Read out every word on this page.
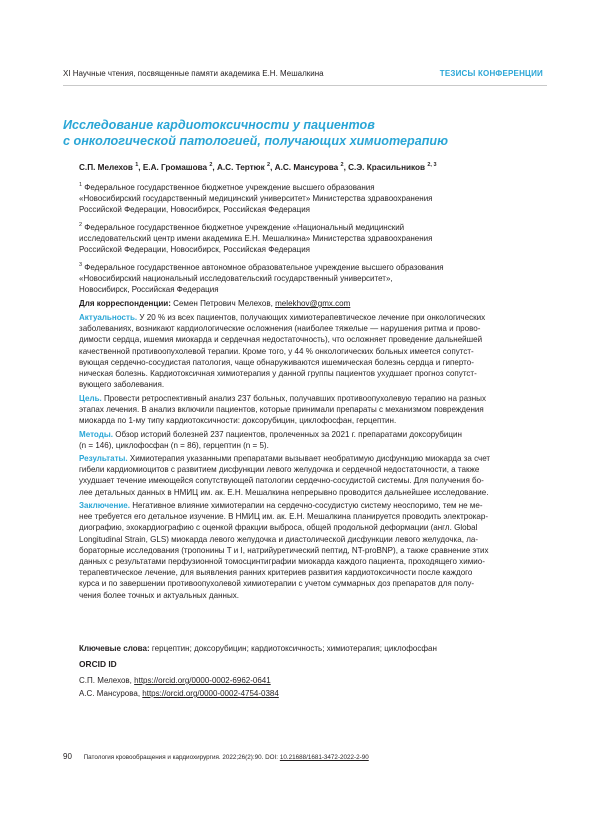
XI Научные чтения, посвященные памяти академика Е.Н. Мешалкина	ТЕЗИСЫ КОНФЕРЕНЦИИ
Исследование кардиотоксичности у пациентов
с онкологической патологией, получающих химиотерапию
С.П. Мелехов $^1$, Е.А. Громашова $^2$, А.С. Тертюк $^2$, А.С. Мансурова $^2$, С.Э. Красильников $^{2, 3}$
$^1$ Федеральное государственное бюджетное учреждение высшего образования
«Новосибирский государственный медицинский университет» Министерства здравоохранения
Российской Федерации, Новосибирск, Российская Федерация
$^2$ Федеральное государственное бюджетное учреждение «Национальный медицинский
исследовательский центр имени академика Е.Н. Мешалкина» Министерства здравоохранения
Российской Федерации, Новосибирск, Российская Федерация
$^3$ Федеральное государственное автономное образовательное учреждение высшего образования
«Новосибирский национальный исследовательский государственный университет»,
Новосибирск, Российская Федерация
Для корреспонденции: Семен Петрович Мелехов, melekhov@gmx.com
Актуальность. У 20 % из всех пациентов, получающих химиотерапевтическое лечение при онкологических
заболеваниях, возникают кардиологические осложнения (наиболее тяжелые — нарушения ритма и прово-
димости сердца, ишемия миокарда и сердечная недостаточность), что осложняет проведение дальнейшей
качественной противоопухолевой терапии. Кроме того, у 44 % онкологических больных имеется сопутст-
вующая сердечно-сосудистая патология, чаще обнаруживаются ишемическая болезнь сердца и гиперто-
ническая болезнь. Кардиотоксичная химиотерапия у данной группы пациентов ухудшает прогноз сопутст-
вующего заболевания.
Цель. Провести ретроспективный анализ 237 больных, получавших противоопухолевую терапию на разных
этапах лечения. В анализ включили пациентов, которые принимали препараты с механизмом повреждения
миокарда по 1-му типу кардиотоксичности: доксорубицин, циклофосфан, герцептин.
Методы. Обзор историй болезней 237 пациентов, пролеченных за 2021 г. препаратами доксорубицин
(n = 146), циклофосфан (n = 86), герцептин (n = 5).
Результаты. Химиотерапия указанными препаратами вызывает необратимую дисфункцию миокарда за счет
гибели кардиомиоцитов с развитием дисфункции левого желудочка и сердечной недостаточности, а также
ухудшает течение имеющейся сопутствующей патологии сердечно-сосудистой системы. Для получения бо-
лее детальных данных в НМИЦ им. ак. Е.Н. Мешалкина непрерывно проводится дальнейшее исследование.
Заключение. Негативное влияние химиотерапии на сердечно-сосудистую систему неоспоримо, тем не ме-
нее требуется его детальное изучение. В НМИЦ им. ак. Е.Н. Мешалкина планируется проводить электрокар-
диографию, эхокардиографию с оценкой фракции выброса, общей продольной деформации (англ. Global
Longitudinal Strain, GLS) миокарда левого желудочка и диастолической дисфункции левого желудочка, ла-
бораторные исследования (тропонины T и I, натрийуретический пептид, NT-proBNP), а также сравнение этих
данных с результатами перфузионной томосцинтиграфии миокарда каждого пациента, проходящего химио-
терапевтическое лечение, для выявления ранних критериев развития кардиотоксичности после каждого
курса и по завершении противоопухолевой химиотерапии с учетом суммарных доз препаратов для полу-
чения более точных и актуальных данных.
Ключевые слова: герцептин; доксорубицин; кардиотоксичность; химиотерапия; циклофосфан
ORCID ID
С.П. Мелехов, https://orcid.org/0000-0002-6962-0641
А.С. Мансурова, https://orcid.org/0000-0002-4754-0384
90 Патология кровообращения и кардиохирургия. 2022;26(2):90. DOI: 10.21688/1681-3472-2022-2-90
